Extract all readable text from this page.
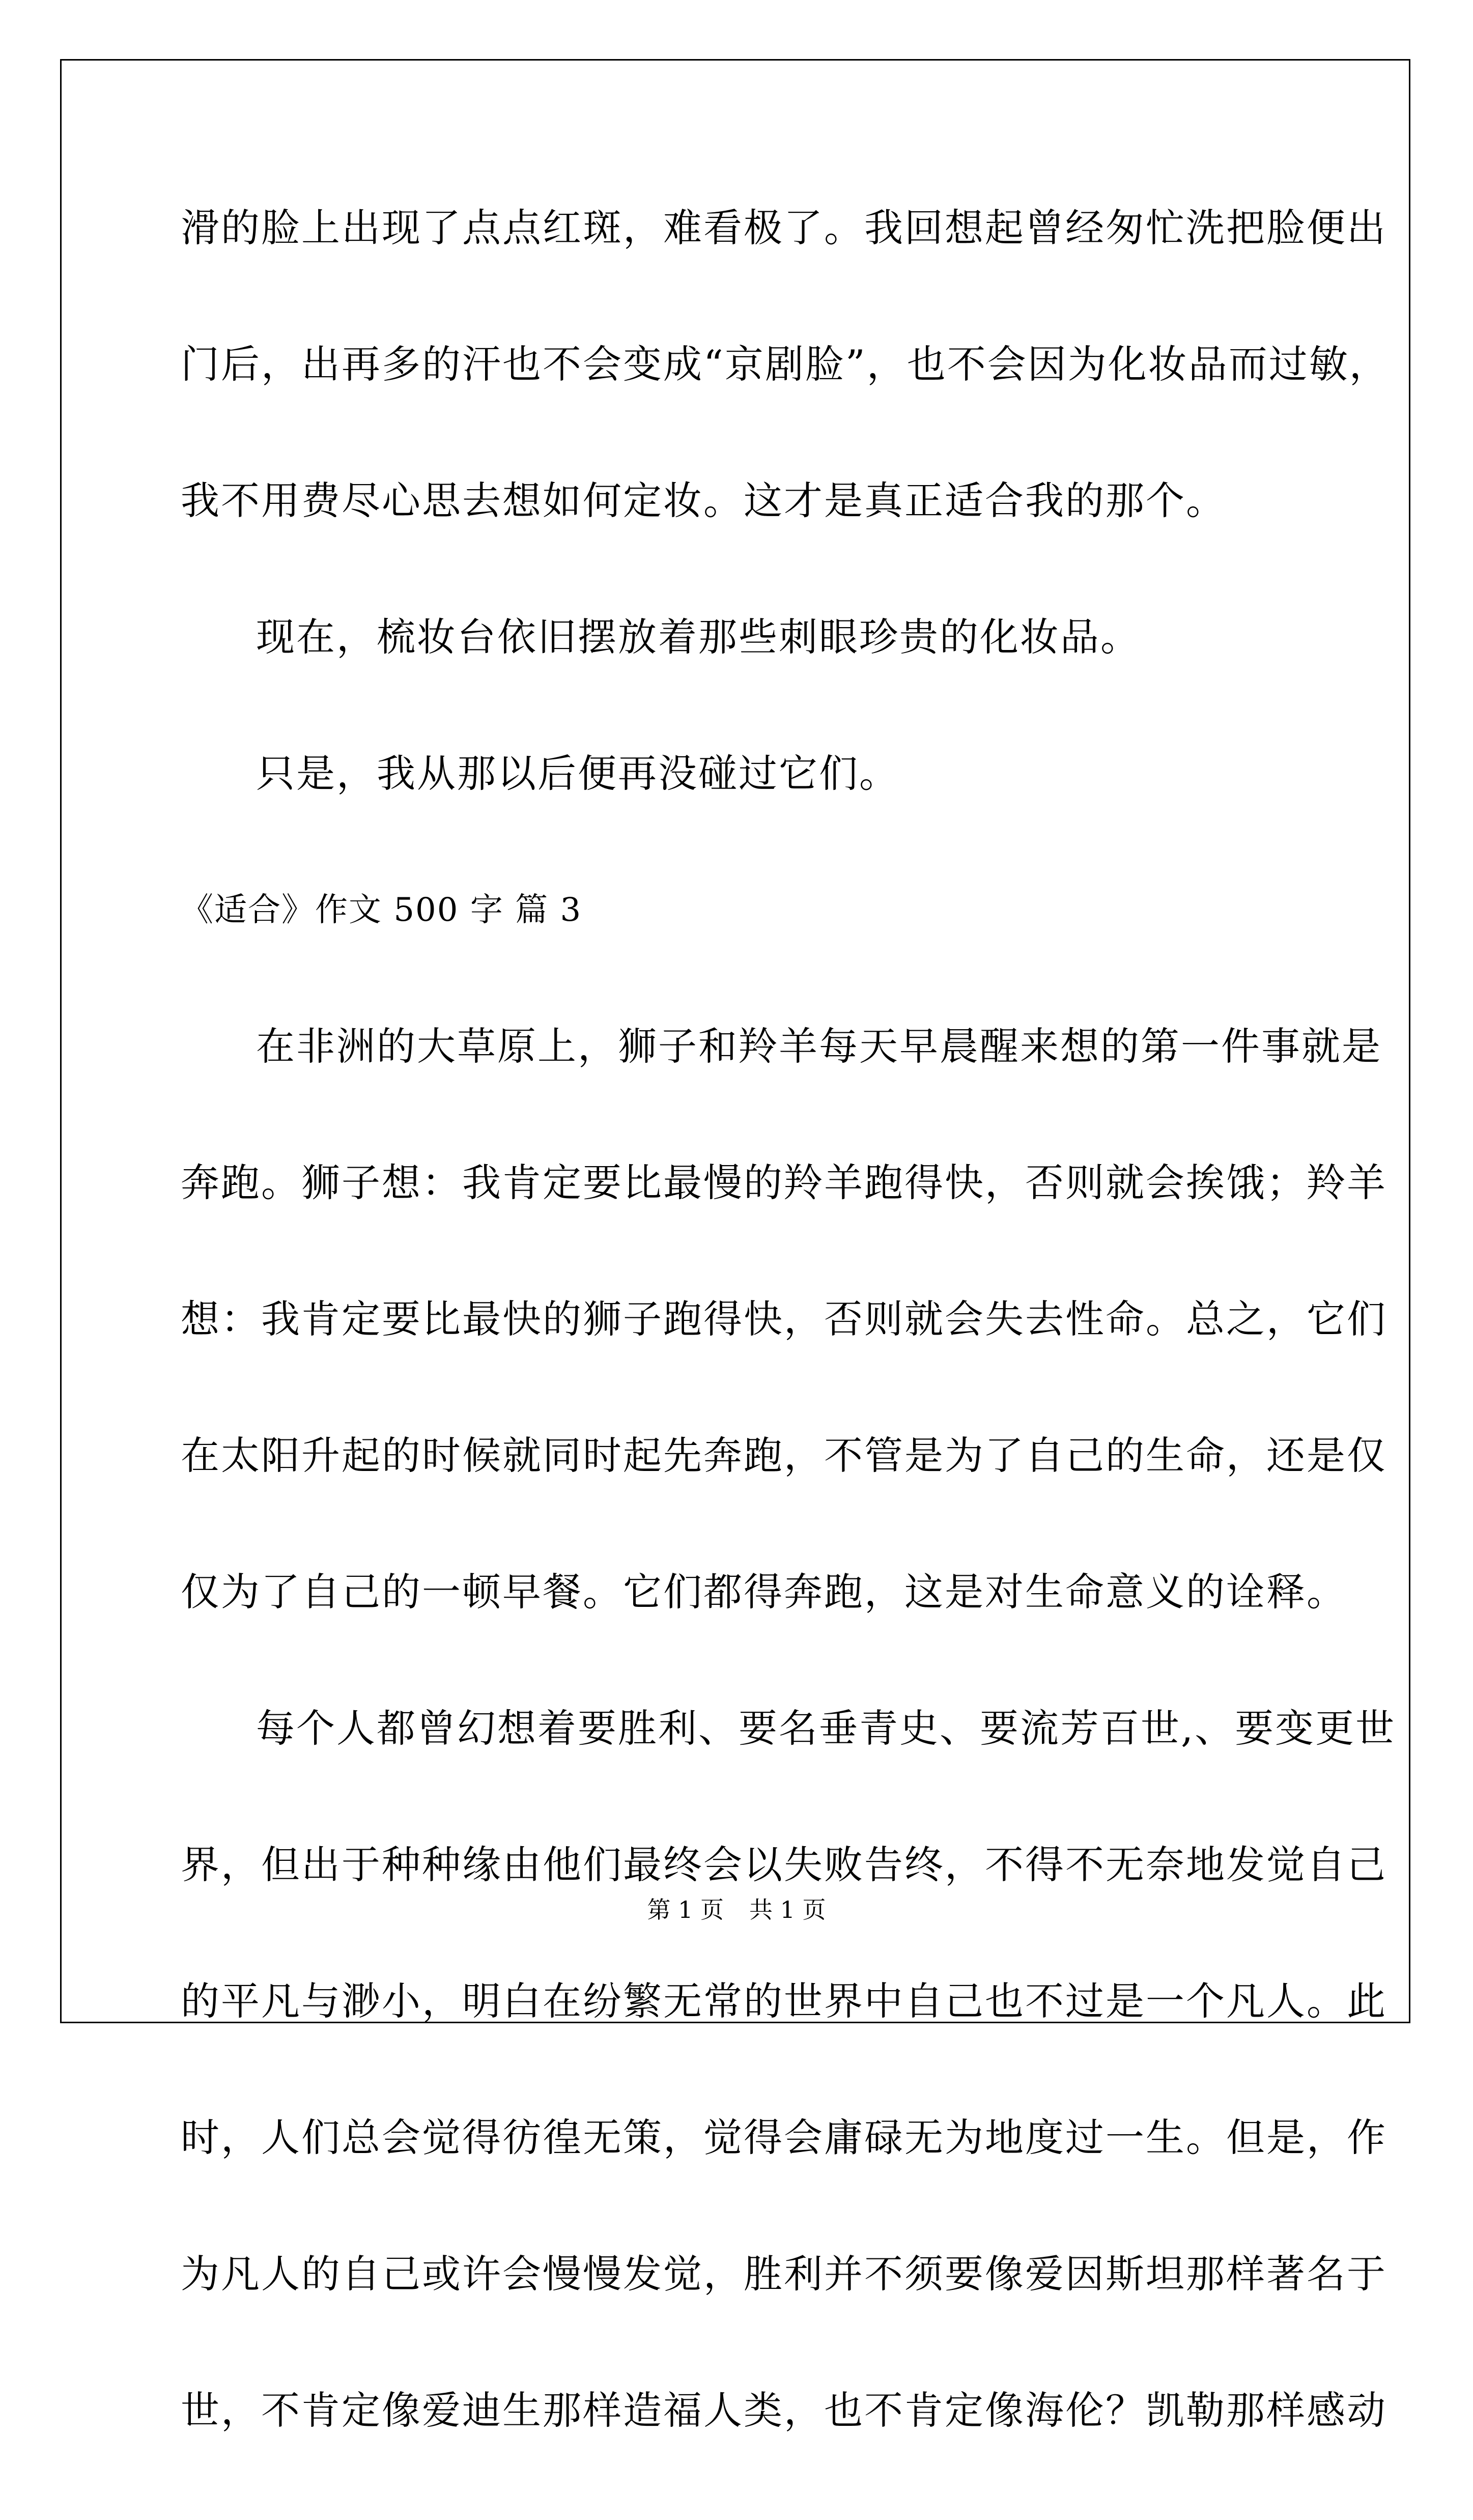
滑的脸上出现了点点红斑，难看极了。我回想起曾经匆忙洗把脸便出
门后，出再多的汗也不会变成“京剧脸”，也不会因为化妆品而过敏，
我不用费尽心思去想如何定妆。这才是真正适合我的那个。
现在，梳妆台依旧摆放着那些刺眼珍贵的化妆品。
只是，我从那以后便再没碰过它们。
《适合》作文 500 字 篇 3
在非洲的大草原上，狮子和羚羊每天早晨醒来想的第一件事就是
奔跑。狮子想：我肯定要比最慢的羚羊跑得快，否则就会挨饿；羚羊
想：我肯定要比最快的狮子跑得快，否则就会失去性命。总之，它们
在太阳升起的时候就同时起先奔跑，不管是为了自己的生命，还是仅
仅为了自己的一顿早餐。它们都得奔跑，这是对生命意义的诠释。
每个人都曾幻想着要胜利、要名垂青史、要流芳百世,、要变更世
界，但出于种种缘由他们最终会以失败告终，不得不无奈地发觉自己
的平凡与渺小，明白在纷繁无常的世界中自己也不过是一个凡人。此
时，人们总会觉得彷徨无策，觉得会庸碌无为地度过一生。但是，作
为凡人的自己或许会慢慢发觉，胜利并不须要像爱因斯坦那样著名于
世，不肯定像爱迪生那样造福人类，也不肯定像海伦？凯勒那样感动
第 1 页 共 1 页
